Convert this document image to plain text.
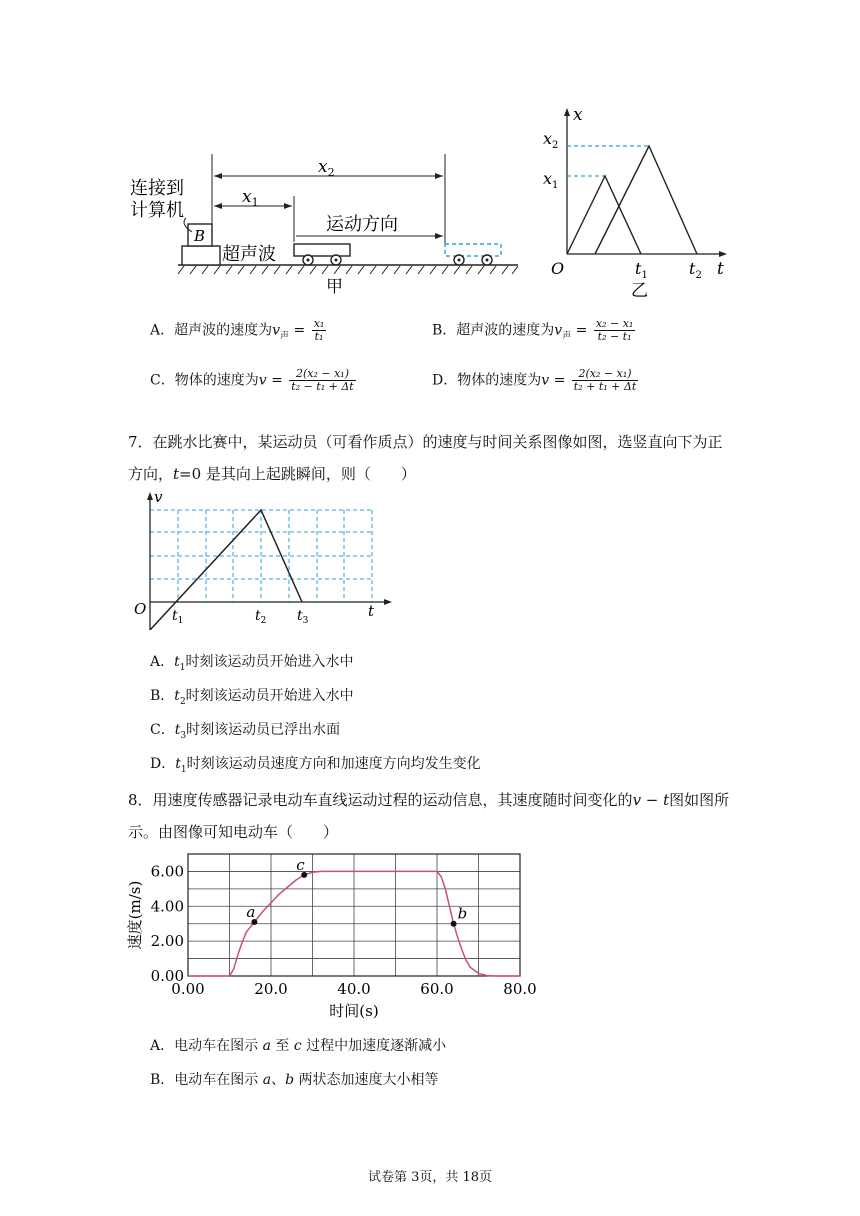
B
连接到
计算机
$x_2$
$x_1$
运动方向
超声波
甲
x
t
O
$x_2$
$x_1$
$t_1$	$t_2$
乙
A．超声波的速度为$v_声 = \frac{\text{x₁}}{\text{t₁}}$	B．超声波的速度为$v_声 = \frac{\text{x₂ − x₁}}{\text{t₂ − t₁}}$
C．物体的速度为$v = \frac{\text{2(x₂ − x₁)}}{\text{t₂ − t₁ + Δt}}$	D．物体的速度为$v = \frac{\text{2(x₂ − x₁)}}{\text{t₂ + t₁ + Δt}}$
7．在跳水比赛中，某运动员（可看作质点）的速度与时间关系图像如图，选竖直向下为正
方向，t=0 是其向上起跳瞬间，则（　　）
v
t
O $t_1$	$t_2$ $t_3$
A．$t_1$时刻该运动员开始进入水中
B．$t_2$时刻该运动员开始进入水中
C．$t_3$时刻该运动员已浮出水面
D．$t_1$时刻该运动员速度方向和加速度方向均发生变化
8．用速度传感器记录电动车直线运动过程的运动信息，其速度随时间变化的v − t图如图所
示。由图像可知电动车（　　）
0.00	20.0	40.0	60.0	80.0
0.00
2.00
4.00
6.00
时间(s)
速度(m/s)	a
c
b
A．电动车在图示 a 至 c 过程中加速度逐渐减小
B．电动车在图示 a、b 两状态加速度大小相等
试卷第 3页，共 18页
